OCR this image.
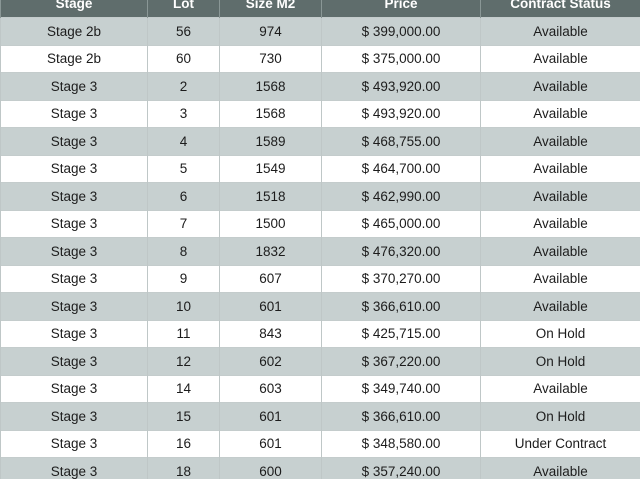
Stage	Lot	Size M2	Price	Contract Status
Stage 2b	56	974	$ 399,000.00	Available
Stage 2b	60	730	$ 375,000.00	Available
Stage 3	2	1568	$ 493,920.00	Available
Stage 3	3	1568	$ 493,920.00	Available
Stage 3	4	1589	$ 468,755.00	Available
Stage 3	5	1549	$ 464,700.00	Available
Stage 3	6	1518	$ 462,990.00	Available
Stage 3	7	1500	$ 465,000.00	Available
Stage 3	8	1832	$ 476,320.00	Available
Stage 3	9	607	$ 370,270.00	Available
Stage 3	10	601	$ 366,610.00	Available
Stage 3	11	843	$ 425,715.00	On Hold
Stage 3	12	602	$ 367,220.00	On Hold
Stage 3	14	603	$ 349,740.00	Available
Stage 3	15	601	$ 366,610.00	On Hold
Stage 3	16	601	$ 348,580.00	Under Contract
Stage 3	18	600	$ 357,240.00	Available
